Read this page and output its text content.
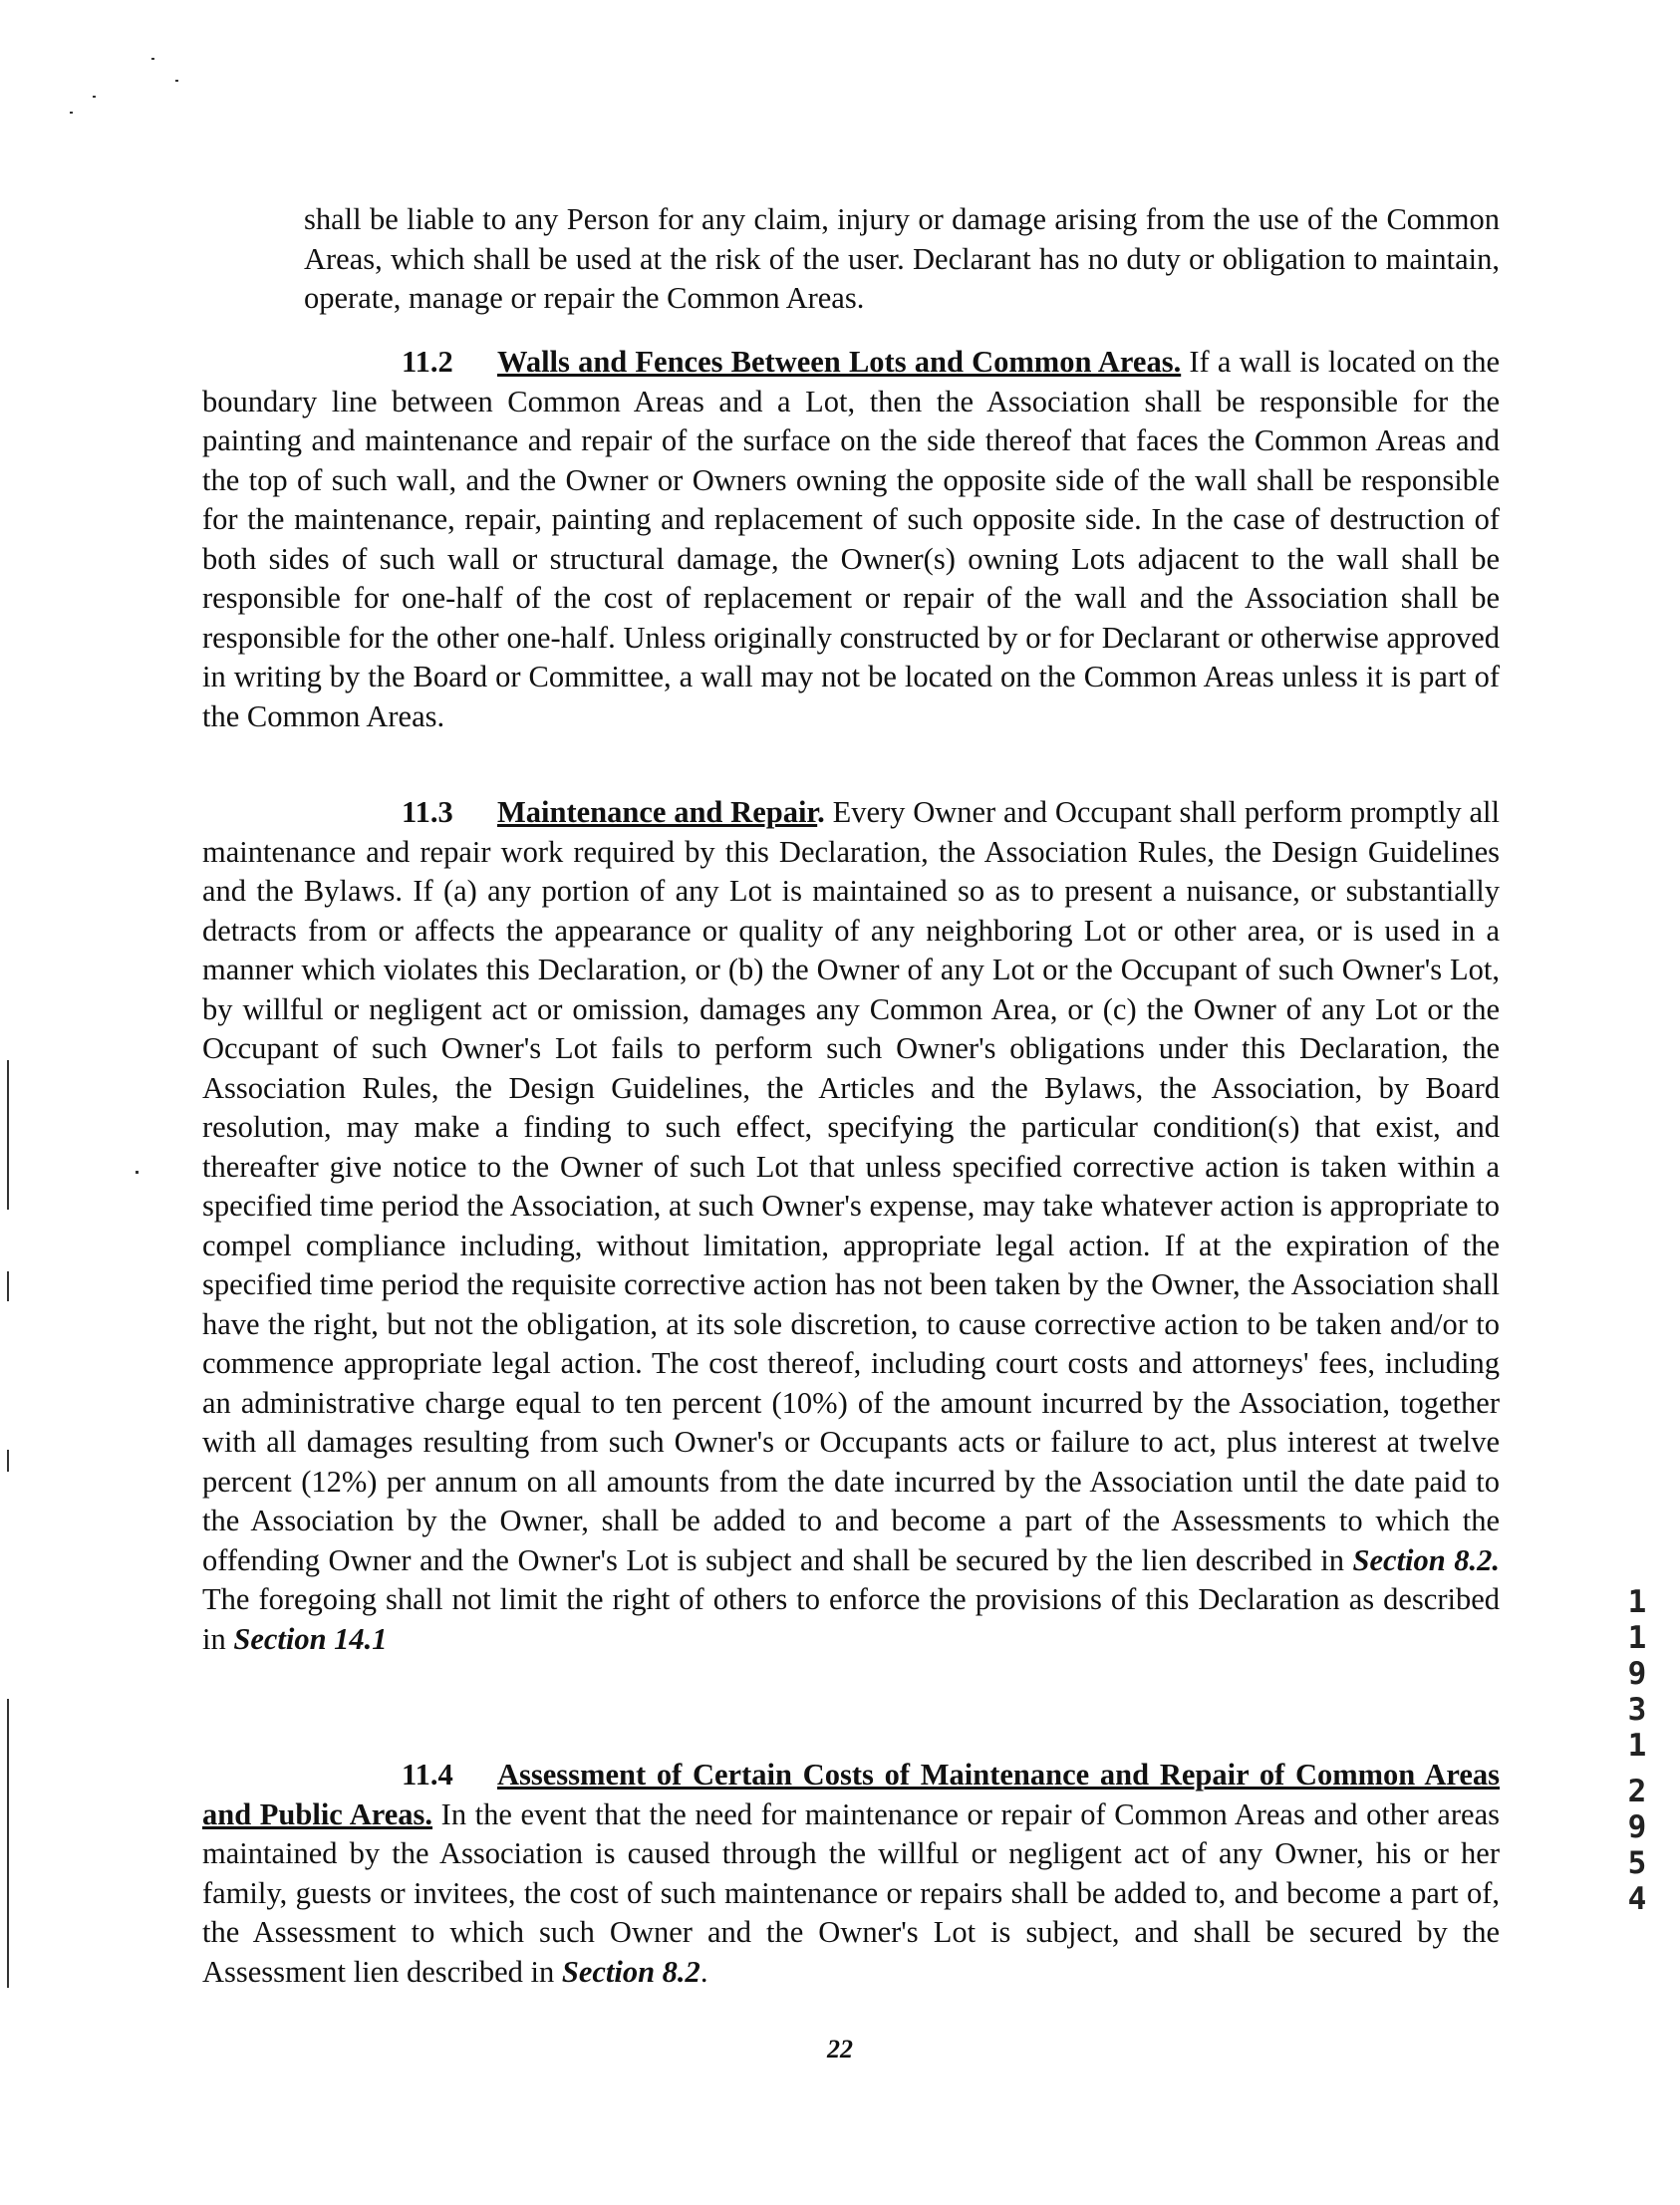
shall be liable to any Person for any claim, injury or damage arising from the use of the Common Areas, which shall be used at the risk of the user. Declarant has no duty or obligation to maintain, operate, manage or repair the Common Areas.

11.2 Walls and Fences Between Lots and Common Areas. If a wall is located on the boundary line between Common Areas and a Lot, then the Association shall be responsible for the painting and maintenance and repair of the surface on the side thereof that faces the Common Areas and the top of such wall, and the Owner or Owners owning the opposite side of the wall shall be responsible for the maintenance, repair, painting and replacement of such opposite side. In the case of destruction of both sides of such wall or structural damage, the Owner(s) owning Lots adjacent to the wall shall be responsible for one-half of the cost of replacement or repair of the wall and the Association shall be responsible for the other one-half. Unless originally constructed by or for Declarant or otherwise approved in writing by the Board or Committee, a wall may not be located on the Common Areas unless it is part of the Common Areas.

11.3 Maintenance and Repair. Every Owner and Occupant shall perform promptly all maintenance and repair work required by this Declaration, the Association Rules, the Design Guidelines and the Bylaws. If (a) any portion of any Lot is maintained so as to present a nuisance, or substantially detracts from or affects the appearance or quality of any neighboring Lot or other area, or is used in a manner which violates this Declaration, or (b) the Owner of any Lot or the Occupant of such Owner's Lot, by willful or negligent act or omission, damages any Common Area, or (c) the Owner of any Lot or the Occupant of such Owner's Lot fails to perform such Owner's obligations under this Declaration, the Association Rules, the Design Guidelines, the Articles and the Bylaws, the Association, by Board resolution, may make a finding to such effect, specifying the particular condition(s) that exist, and thereafter give notice to the Owner of such Lot that unless specified corrective action is taken within a specified time period the Association, at such Owner's expense, may take whatever action is appropriate to compel compliance including, without limitation, appropriate legal action. If at the expiration of the specified time period the requisite corrective action has not been taken by the Owner, the Association shall have the right, but not the obligation, at its sole discretion, to cause corrective action to be taken and/or to commence appropriate legal action. The cost thereof, including court costs and attorneys' fees, including an administrative charge equal to ten percent (10%) of the amount incurred by the Association, together with all damages resulting from such Owner's or Occupants acts or failure to act, plus interest at twelve percent (12%) per annum on all amounts from the date incurred by the Association until the date paid to the Association by the Owner, shall be added to and become a part of the Assessments to which the offending Owner and the Owner's Lot is subject and shall be secured by the lien described in Section 8.2. The foregoing shall not limit the right of others to enforce the provisions of this Declaration as described in Section 14.1

11.4 Assessment of Certain Costs of Maintenance and Repair of Common Areas and Public Areas. In the event that the need for maintenance or repair of Common Areas and other areas maintained by the Association is caused through the willful or negligent act of any Owner, his or her family, guests or invitees, the cost of such maintenance or repairs shall be added to, and become a part of, the Assessment to which such Owner and the Owner's Lot is subject, and shall be secured by the Assessment lien described in Section 8.2.

22
1
1
9
3
1
2
9
5
4
